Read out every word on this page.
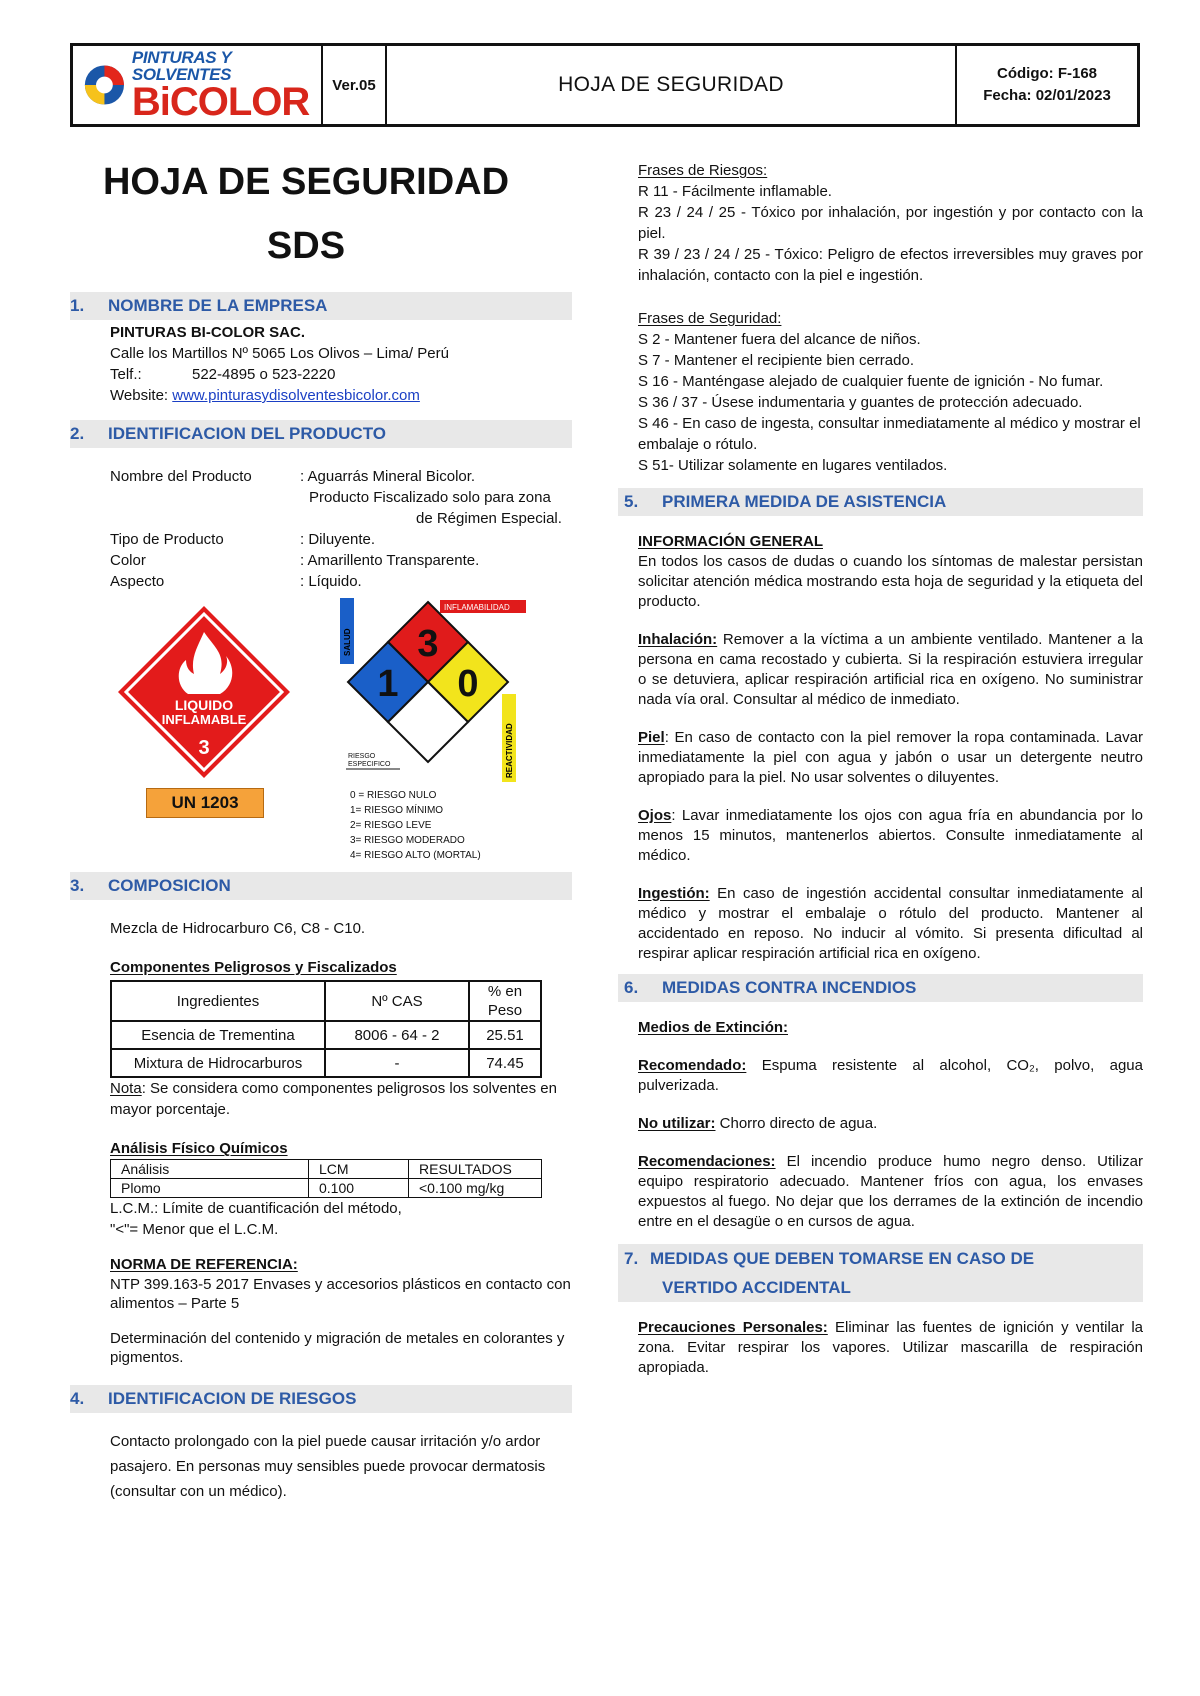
PINTURAS Y SOLVENTES
BiCOLOR	Ver.05	HOJA DE SEGURIDAD	Código: F-168
Fecha: 02/01/2023
HOJA DE SEGURIDAD
SDS
1.	NOMBRE DE LA EMPRESA

PINTURAS BI-COLOR SAC.

Calle los Martillos Nº 5065 Los Olivos – Lima/ Perú

Telf.:	522-4895 o 523-2220

Website: www.pinturasydisolventesbicolor.com

2.	IDENTIFICACION DEL PRODUCTO
Nombre del Producto	: Aguarrás Mineral Bicolor.
Producto Fiscalizado solo para zona
de Régimen Especial.
Tipo de Producto	: Diluyente.
Color	: Amarillento Transparente.
Aspecto	: Líquido.
LIQUIDO
INFLAMABLE
3
UN 1203
SALUD
INFLAMABILIDAD
REACTIVIDAD
3
1 0
RIESGO
ESPECIFICO
0 = RIESGO NULO
1= RIESGO MÍNIMO
2= RIESGO LEVE
3= RIESGO MODERADO
4= RIESGO ALTO (MORTAL)
3.	COMPOSICION

Mezcla de Hidrocarburo C6, C8 - C10.

Componentes Peligrosos y Fiscalizados

Ingredientes	Nº CAS	% en Peso
Esencia de Trementina	8006 - 64 - 2	25.51
Mixtura de Hidrocarburos	-	74.45

Nota: Se considera como componentes peligrosos los solventes en mayor porcentaje.

Análisis Físico Químicos

Análisis	LCM	RESULTADOS
Plomo	0.100	<0.100 mg/kg

L.C.M.: Límite de cuantificación del método,

"<"= Menor que el L.C.M.

NORMA DE REFERENCIA:

NTP 399.163-5 2017 Envases y accesorios plásticos en contacto con alimentos – Parte 5

Determinación del contenido y migración de metales en colorantes y pigmentos.

4.	IDENTIFICACION DE RIESGOS

Contacto prolongado con la piel puede causar irritación y/o ardor pasajero. En personas muy sensibles puede provocar dermatosis (consultar con un médico).

Frases de Riesgos:

R 11 - Fácilmente inflamable.

R 23 / 24 / 25 - Tóxico por inhalación, por ingestión y por contacto con la piel.

R 39 / 23 / 24 / 25 - Tóxico: Peligro de efectos irreversibles muy graves por inhalación, contacto con la piel e ingestión.

Frases de Seguridad:

S 2 - Mantener fuera del alcance de niños.

S 7 - Mantener el recipiente bien cerrado.

S 16 - Manténgase alejado de cualquier fuente de ignición - No fumar.

S 36 / 37 - Úsese indumentaria y guantes de protección adecuado.

S 46 - En caso de ingesta, consultar inmediatamente al médico y mostrar el embalaje o rótulo.

S 51- Utilizar solamente en lugares ventilados.

5.	PRIMERA MEDIDA DE ASISTENCIA

INFORMACIÓN GENERAL

En todos los casos de dudas o cuando los síntomas de malestar persistan solicitar atención médica mostrando esta hoja de seguridad y la etiqueta del producto.

Inhalación: Remover a la víctima a un ambiente ventilado. Mantener a la persona en cama recostado y cubierta. Si la respiración estuviera irregular o se detuviera, aplicar respiración artificial rica en oxígeno. No suministrar nada vía oral. Consultar al médico de inmediato.

Piel: En caso de contacto con la piel remover la ropa contaminada. Lavar inmediatamente la piel con agua y jabón o usar un detergente neutro apropiado para la piel. No usar solventes o diluyentes.

Ojos: Lavar inmediatamente los ojos con agua fría en abundancia por lo menos 15 minutos, mantenerlos abiertos. Consulte inmediatamente al médico.

Ingestión: En caso de ingestión accidental consultar inmediatamente al médico y mostrar el embalaje o rótulo del producto. Mantener al accidentado en reposo. No inducir al vómito. Si presenta dificultad al respirar aplicar respiración artificial rica en oxígeno.

6.	MEDIDAS CONTRA INCENDIOS

Medios de Extinción:

Recomendado: Espuma resistente al alcohol, CO₂, polvo, agua pulverizada.

No utilizar: Chorro directo de agua.

Recomendaciones: El incendio produce humo negro denso. Utilizar equipo respiratorio adecuado. Mantener fríos con agua, los envases expuestos al fuego. No dejar que los derrames de la extinción de incendio entre en el desagüe o en cursos de agua.

7. MEDIDAS QUE DEBEN TOMARSE EN CASO DE
VERTIDO ACCIDENTAL

Precauciones Personales: Eliminar las fuentes de ignición y ventilar la zona. Evitar respirar los vapores. Utilizar mascarilla de respiración apropiada.
